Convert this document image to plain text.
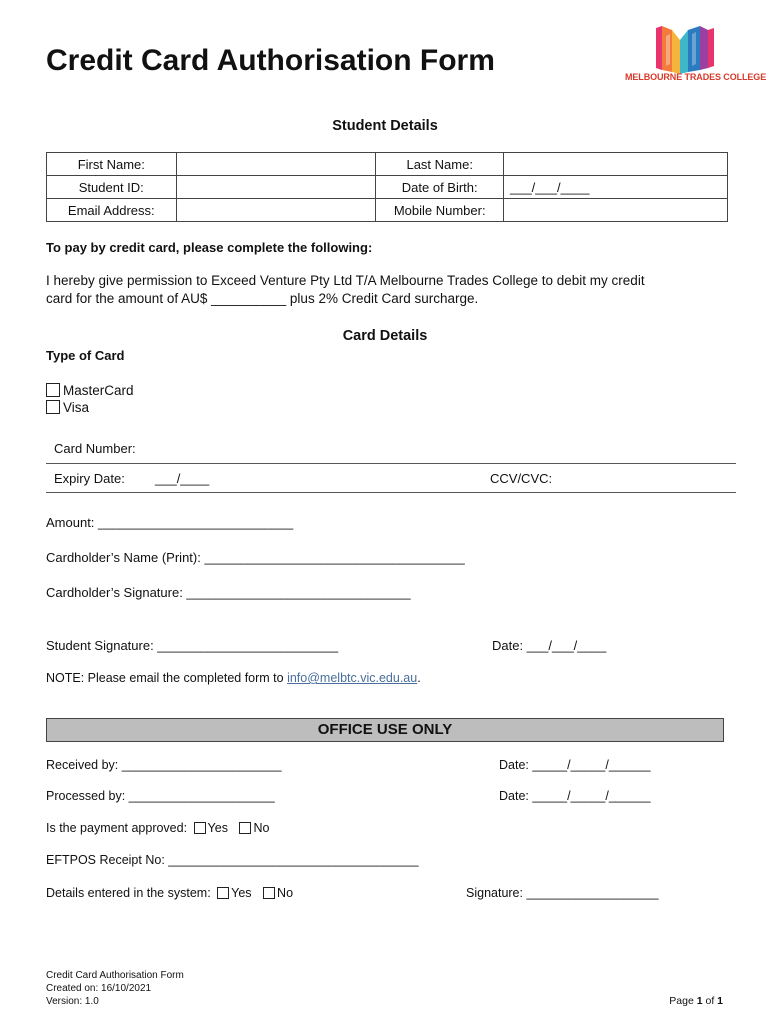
Credit Card Authorisation Form	MELBOURNE TRADES COLLEGE
Student Details
First Name:		Last Name:	
Student ID:		Date of Birth:	___/___/____
Email Address:		Mobile Number:	
To pay by credit card, please complete the following:
I hereby give permission to Exceed Venture Pty Ltd T/A Melbourne Trades College to debit my credit
card for the amount of AU$ __________ plus 2% Credit Card surcharge.
Card Details
Type of Card
MasterCard
Visa
Card Number:
Expiry Date: ___/____	CCV/CVC:
Amount: ___________________________
Cardholder’s Name (Print): ____________________________________
Cardholder’s Signature: _______________________________
Student Signature: _________________________	Date: ___/___/____
NOTE: Please email the completed form to info@melbtc.vic.edu.au.
OFFICE USE ONLY
Received by: _______________________	Date: _____/_____/______
Processed by: _____________________	Date: _____/_____/______
Is the payment approved: Yes No
EFTPOS Receipt No: ____________________________________
Details entered in the system: Yes No	Signature: ___________________
Credit Card Authorisation Form
Created on: 16/10/2021
Version: 1.0	Page 1 of 1
